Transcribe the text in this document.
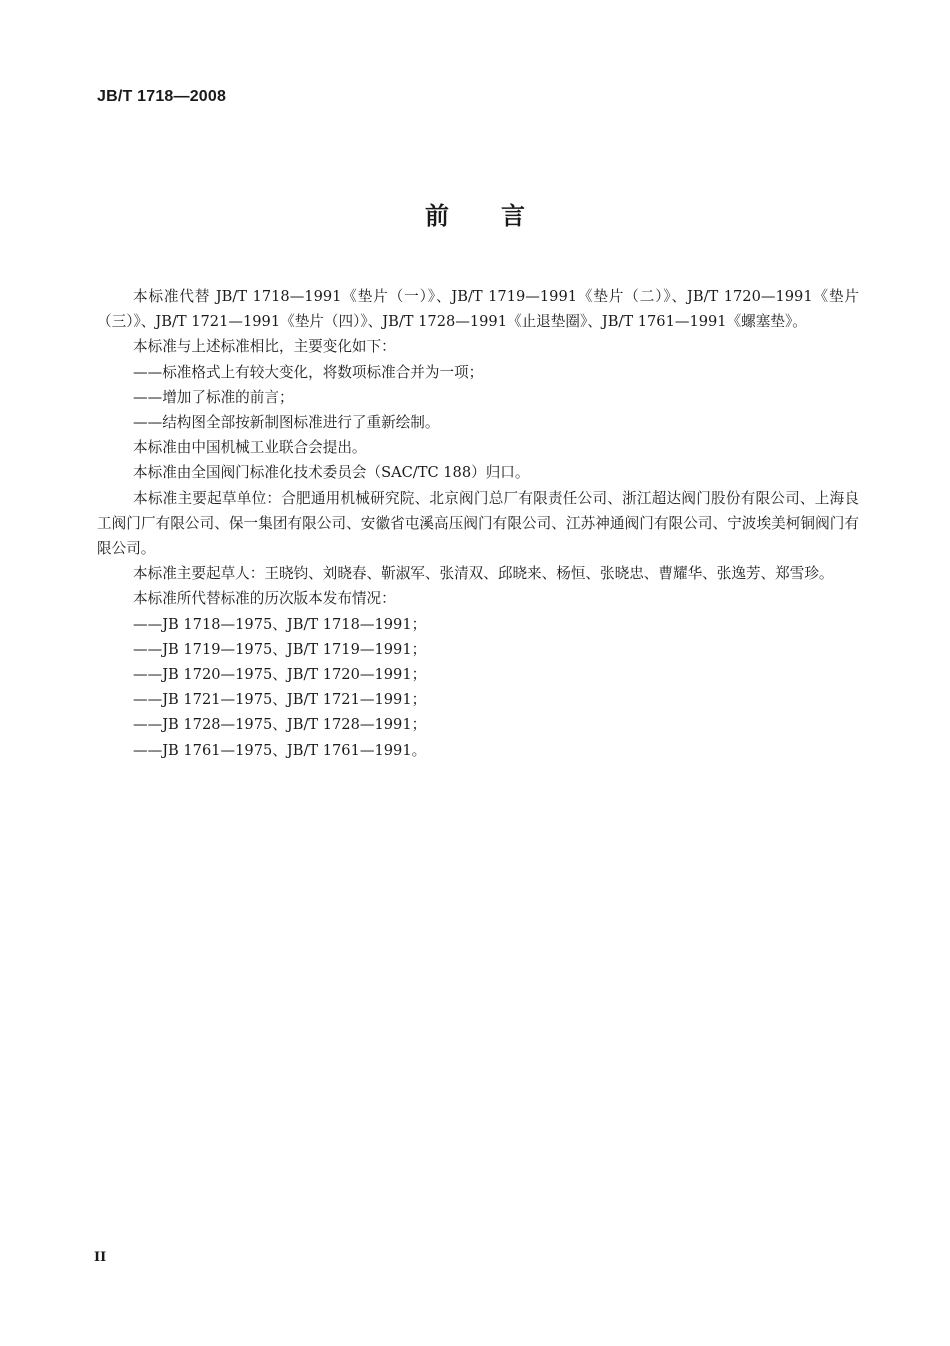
JB/T 1718—2008
前言

本标准代替 JB/T 1718—1991《垫片（一）》、JB/T 1719—1991《垫片（二）》、JB/T 1720—1991《垫片（三）》、JB/T 1721—1991《垫片（四）》、JB/T 1728—1991《止退垫圈》、JB/T 1761—1991《螺塞垫》。

本标准与上述标准相比，主要变化如下：

——标准格式上有较大变化，将数项标准合并为一项；

——增加了标准的前言；

——结构图全部按新制图标准进行了重新绘制。

本标准由中国机械工业联合会提出。

本标准由全国阀门标准化技术委员会（SAC/TC 188）归口。

本标准主要起草单位：合肥通用机械研究院、北京阀门总厂有限责任公司、浙江超达阀门股份有限公司、上海良工阀门厂有限公司、保一集团有限公司、安徽省屯溪高压阀门有限公司、江苏神通阀门有限公司、宁波埃美柯铜阀门有限公司。

本标准主要起草人：王晓钧、刘晓春、靳淑军、张清双、邱晓来、杨恒、张晓忠、曹耀华、张逸芳、郑雪珍。

本标准所代替标准的历次版本发布情况：

——JB 1718—1975、JB/T 1718—1991；

——JB 1719—1975、JB/T 1719—1991；

——JB 1720—1975、JB/T 1720—1991；

——JB 1721—1975、JB/T 1721—1991；

——JB 1728—1975、JB/T 1728—1991；

——JB 1761—1975、JB/T 1761—1991。

II
